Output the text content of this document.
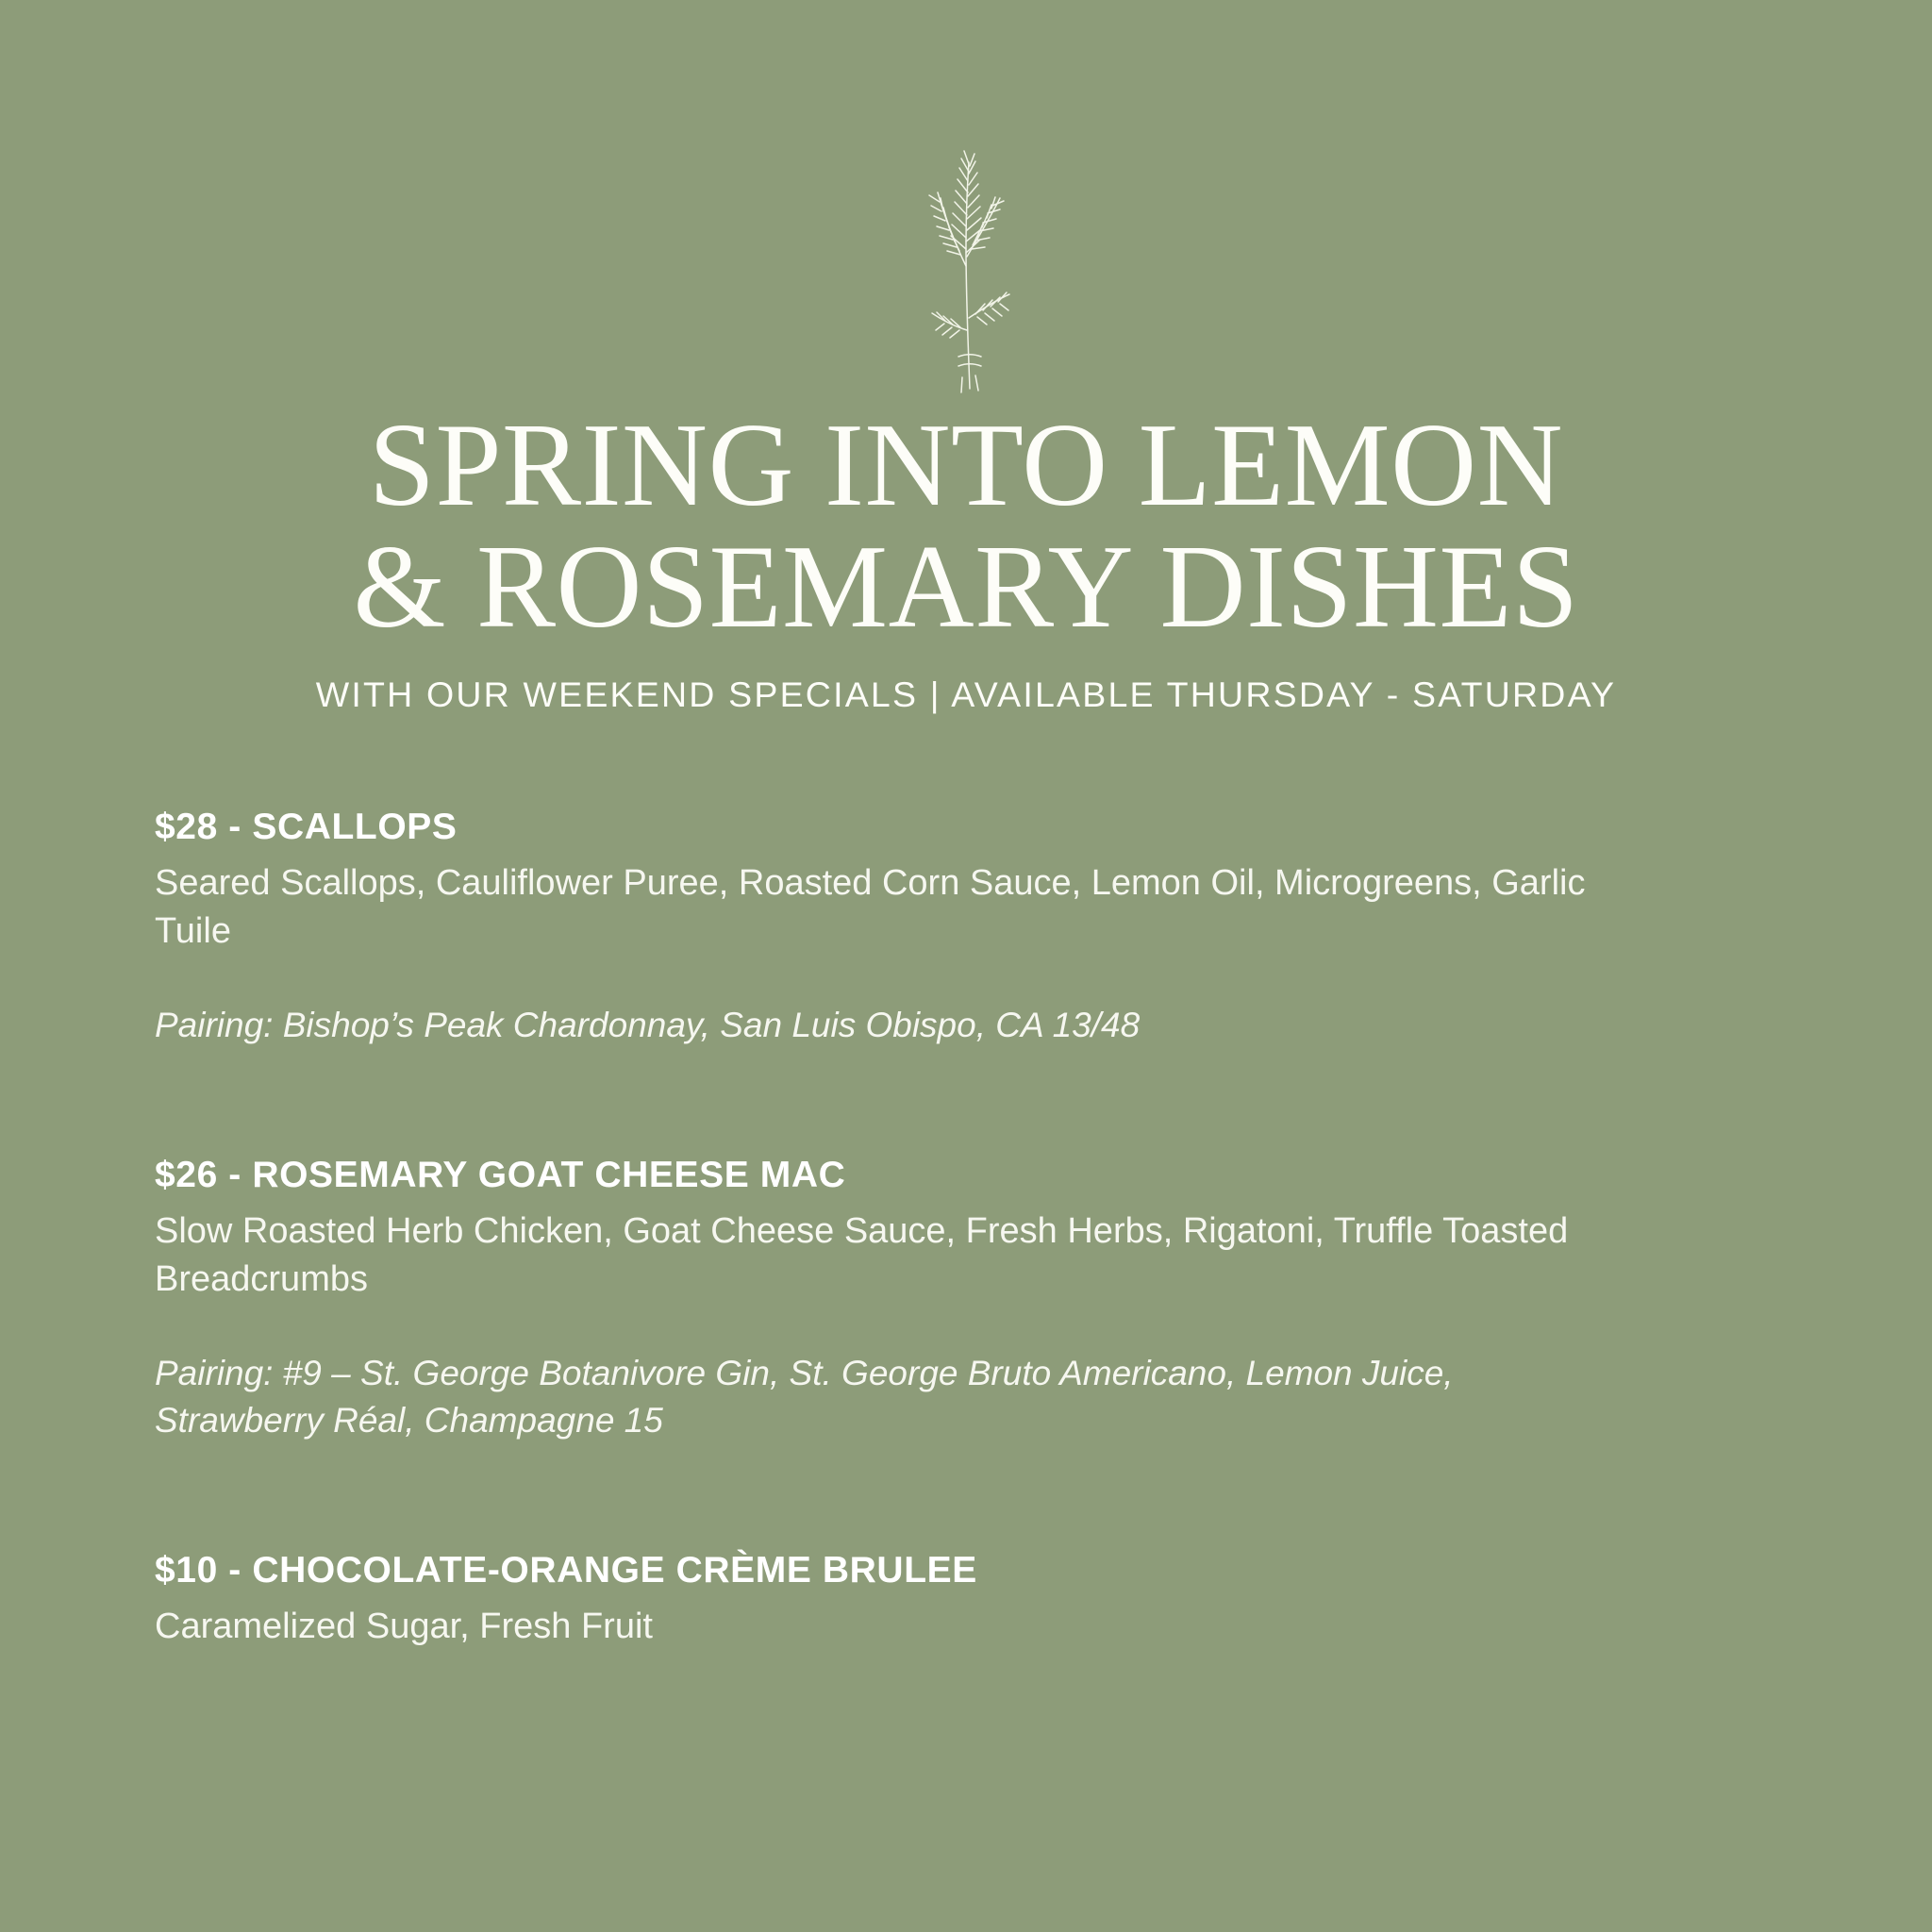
SPRING INTO LEMON
& ROSEMARY DISHES
WITH OUR WEEKEND SPECIALS | AVAILABLE THURSDAY - SATURDAY

$28 - SCALLOPS

Seared Scallops, Cauliflower Puree, Roasted Corn Sauce, Lemon Oil, Microgreens, Garlic Tuile

Pairing: Bishop’s Peak Chardonnay, San Luis Obispo, CA 13/48

$26 - ROSEMARY GOAT CHEESE MAC

Slow Roasted Herb Chicken, Goat Cheese Sauce, Fresh Herbs, Rigatoni, Truffle Toasted Breadcrumbs

Pairing: #9 – St. George Botanivore Gin, St. George Bruto Americano, Lemon Juice, Strawberry Réal, Champagne 15

$10 - CHOCOLATE-ORANGE CRÈME BRULEE

Caramelized Sugar, Fresh Fruit
